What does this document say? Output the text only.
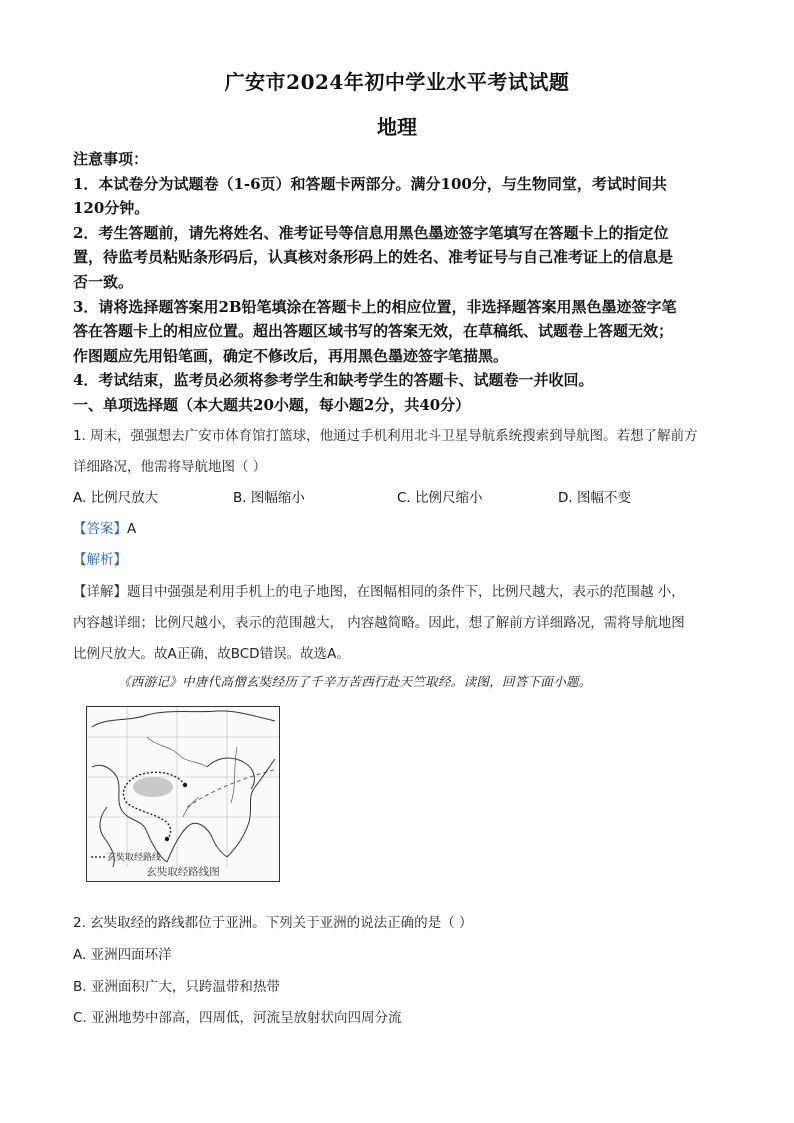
广安市2024年初中学业水平考试试题
地理
注意事项：
1．本试卷分为试题卷（1-6页）和答题卡两部分。满分100分，与生物同堂，考试时间共
120分钟。
2．考生答题前，请先将姓名、准考证号等信息用黑色墨迹签字笔填写在答题卡上的指定位
置，待监考员粘贴条形码后，认真核对条形码上的姓名、准考证号与自己准考证上的信息是
否一致。
3．请将选择题答案用2B铅笔填涂在答题卡上的相应位置，非选择题答案用黑色墨迹签字笔
答在答题卡上的相应位置。超出答题区域书写的答案无效，在草稿纸、试题卷上答题无效；
作图题应先用铅笔画，确定不修改后，再用黑色墨迹签字笔描黑。
4．考试结束，监考员必须将参考学生和缺考学生的答题卡、试题卷一并收回。
一、单项选择题（本大题共20小题，每小题2分，共40分）
1. 周末，强强想去广安市体育馆打篮球，他通过手机利用北斗卫星导航系统搜索到导航图。若想了解前方
详细路况，他需将导航地图（ ）
A. 比例尺放大	B. 图幅缩小	C. 比例尺缩小	D. 图幅不变
【答案】A
【解析】
【详解】题目中强强是利用手机上的电子地图，在图幅相同的条件下，比例尺越大，表示的范围越 小，
内容越详细；比例尺越小，表示的范围越大， 内容越简略。因此，想了解前方详细路况，需将导航地图
比例尺放大。故A正确，故BCD错误。故选A。
《西游记》中唐代高僧玄奘经历了千辛万苦西行赴天竺取经。读图，回答下面小题。
玄奘取经路线
玄奘取经路线图
2. 玄奘取经的路线都位于亚洲。下列关于亚洲的说法正确的是（ ）
A. 亚洲四面环洋
B. 亚洲面积广大，只跨温带和热带
C. 亚洲地势中部高，四周低，河流呈放射状向四周分流
